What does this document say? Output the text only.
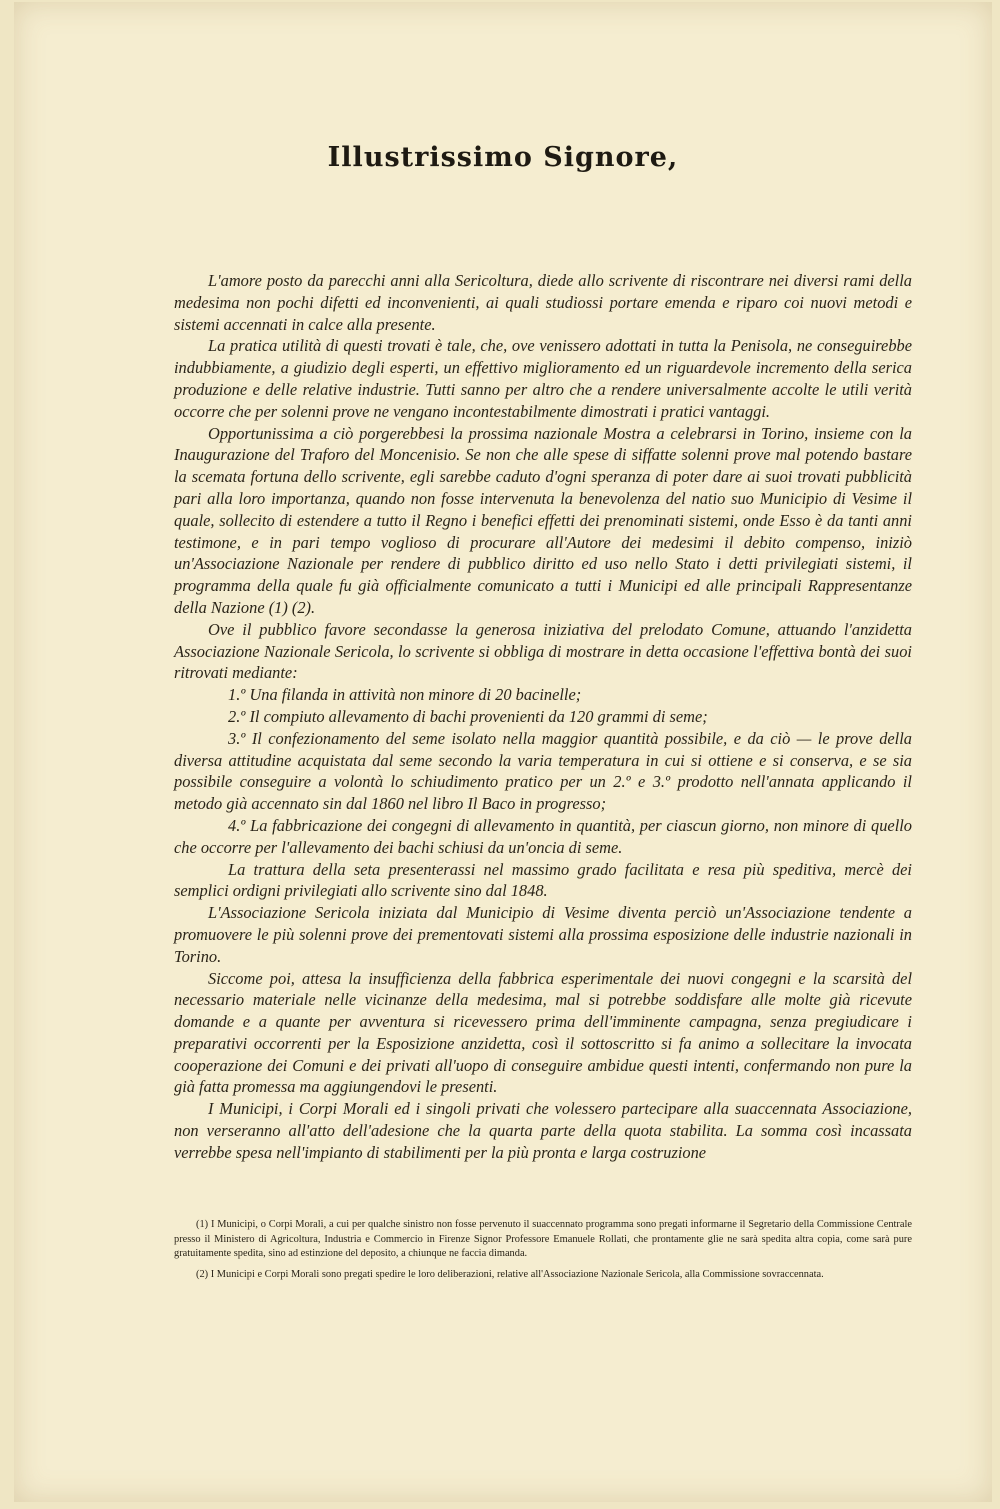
Illustrissimo Signore,

L'amore posto da parecchi anni alla Sericoltura, diede allo scrivente di riscontrare nei diversi rami della medesima non pochi difetti ed inconvenienti, ai quali studiossi portare emenda e riparo coi nuovi metodi e sistemi accennati in calce alla presente.

La pratica utilità di questi trovati è tale, che, ove venissero adottati in tutta la Penisola, ne conseguirebbe indubbiamente, a giudizio degli esperti, un effettivo miglioramento ed un riguardevole incremento della serica produzione e delle relative industrie. Tutti sanno per altro che a rendere universalmente accolte le utili verità occorre che per solenni prove ne vengano incontestabilmente dimostrati i pratici vantaggi.

Opportunissima a ciò porgerebbesi la prossima nazionale Mostra a celebrarsi in Torino, insieme con la Inaugurazione del Traforo del Moncenisio. Se non che alle spese di siffatte solenni prove mal potendo bastare la scemata fortuna dello scrivente, egli sarebbe caduto d'ogni speranza di poter dare ai suoi trovati pubblicità pari alla loro importanza, quando non fosse intervenuta la benevolenza del natio suo Municipio di Vesime il quale, sollecito di estendere a tutto il Regno i benefici effetti dei prenominati sistemi, onde Esso è da tanti anni testimone, e in pari tempo voglioso di procurare all'Autore dei medesimi il debito compenso, iniziò un'Associazione Nazionale per rendere di pubblico diritto ed uso nello Stato i detti privilegiati sistemi, il programma della quale fu già officialmente comunicato a tutti i Municipi ed alle principali Rappresentanze della Nazione (1) (2).

Ove il pubblico favore secondasse la generosa iniziativa del prelodato Comune, attuando l'anzidetta Associazione Nazionale Sericola, lo scrivente si obbliga di mostrare in detta occasione l'effettiva bontà dei suoi ritrovati mediante:

1.º Una filanda in attività non minore di 20 bacinelle;

2.º Il compiuto allevamento di bachi provenienti da 120 grammi di seme;

3.º Il confezionamento del seme isolato nella maggior quantità possibile, e da ciò — le prove della diversa attitudine acquistata dal seme secondo la varia temperatura in cui si ottiene e si conserva, e se sia possibile conseguire a volontà lo schiudimento pratico per un 2.º e 3.º prodotto nell'annata applicando il metodo già accennato sin dal 1860 nel libro Il Baco in progresso;

4.º La fabbricazione dei congegni di allevamento in quantità, per ciascun giorno, non minore di quello che occorre per l'allevamento dei bachi schiusi da un'oncia di seme.

La trattura della seta presenterassi nel massimo grado facilitata e resa più speditiva, mercè dei semplici ordigni privilegiati allo scrivente sino dal 1848.

L'Associazione Sericola iniziata dal Municipio di Vesime diventa perciò un'Associazione tendente a promuovere le più solenni prove dei prementovati sistemi alla prossima esposizione delle industrie nazionali in Torino.

Siccome poi, attesa la insufficienza della fabbrica esperimentale dei nuovi congegni e la scarsità del necessario materiale nelle vicinanze della medesima, mal si potrebbe soddisfare alle molte già ricevute domande e a quante per avventura si ricevessero prima dell'imminente campagna, senza pregiudicare i preparativi occorrenti per la Esposizione anzidetta, così il sottoscritto si fa animo a sollecitare la invocata cooperazione dei Comuni e dei privati all'uopo di conseguire ambidue questi intenti, confermando non pure la già fatta promessa ma aggiungendovi le presenti.

I Municipi, i Corpi Morali ed i singoli privati che volessero partecipare alla suaccennata Associazione, non verseranno all'atto dell'adesione che la quarta parte della quota stabilita. La somma così incassata verrebbe spesa nell'impianto di stabilimenti per la più pronta e larga costruzione

(1) I Municipi, o Corpi Morali, a cui per qualche sinistro non fosse pervenuto il suaccennato programma sono pregati informarne il Segretario della Commissione Centrale presso il Ministero di Agricoltura, Industria e Commercio in Firenze Signor Professore Emanuele Rollati, che prontamente glie ne sarà spedita altra copia, come sarà pure gratuitamente spedita, sino ad estinzione del deposito, a chiunque ne faccia dimanda.

(2) I Municipi e Corpi Morali sono pregati spedire le loro deliberazioni, relative all'Associazione Nazionale Sericola, alla Commissione sovraccennata.
